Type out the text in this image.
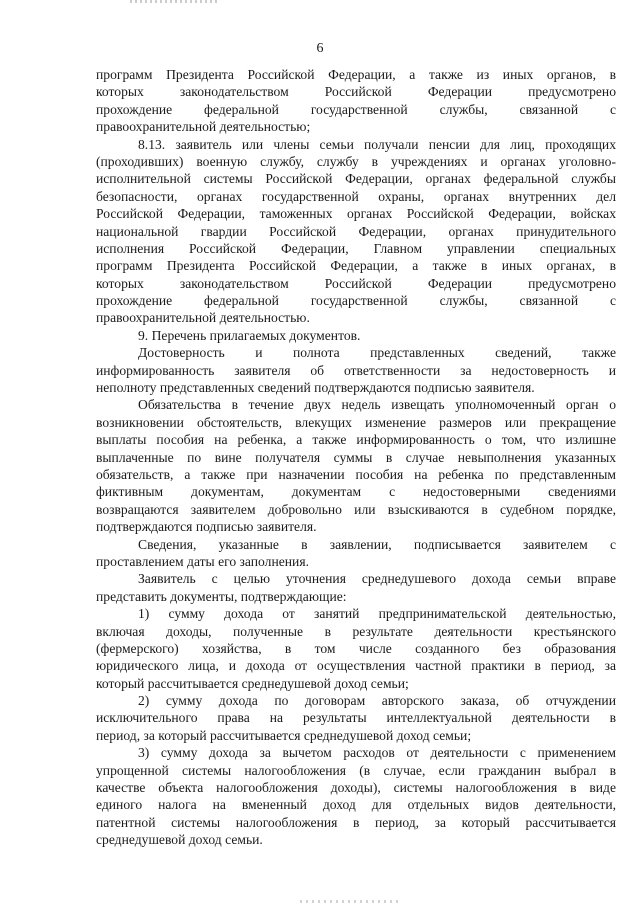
6
программ Президента Российской Федерации, а также из иных органов, в
которых законодательством Российской Федерации предусмотрено
прохождение федеральной государственной службы, связанной с
правоохранительной деятельностью;
8.13. заявитель или члены семьи получали пенсии для лиц, проходящих
(проходивших) военную службу, службу в учреждениях и органах уголовно-
исполнительной системы Российской Федерации, органах федеральной службы
безопасности, органах государственной охраны, органах внутренних дел
Российской Федерации, таможенных органах Российской Федерации, войсках
национальной гвардии Российской Федерации, органах принудительного
исполнения Российской Федерации, Главном управлении специальных
программ Президента Российской Федерации, а также в иных органах, в
которых законодательством Российской Федерации предусмотрено
прохождение федеральной государственной службы, связанной с
правоохранительной деятельностью.
9. Перечень прилагаемых документов.
Достоверность и полнота представленных сведений, также
информированность заявителя об ответственности за недостоверность и
неполноту представленных сведений подтверждаются подписью заявителя.
Обязательства в течение двух недель извещать уполномоченный орган о
возникновении обстоятельств, влекущих изменение размеров или прекращение
выплаты пособия на ребенка, а также информированность о том, что излишне
выплаченные по вине получателя суммы в случае невыполнения указанных
обязательств, а также при назначении пособия на ребенка по представленным
фиктивным документам, документам с недостоверными сведениями
возвращаются заявителем добровольно или взыскиваются в судебном порядке,
подтверждаются подписью заявителя.
Сведения, указанные в заявлении, подписывается заявителем с
проставлением даты его заполнения.
Заявитель с целью уточнения среднедушевого дохода семьи вправе
представить документы, подтверждающие:
1) сумму дохода от занятий предпринимательской деятельностью,
включая доходы, полученные в результате деятельности крестьянского
(фермерского) хозяйства, в том числе созданного без образования
юридического лица, и дохода от осуществления частной практики в период, за
который рассчитывается среднедушевой доход семьи;
2) сумму дохода по договорам авторского заказа, об отчуждении
исключительного права на результаты интеллектуальной деятельности в
период, за который рассчитывается среднедушевой доход семьи;
3) сумму дохода за вычетом расходов от деятельности с применением
упрощенной системы налогообложения (в случае, если гражданин выбрал в
качестве объекта налогообложения доходы), системы налогообложения в виде
единого налога на вмененный доход для отдельных видов деятельности,
патентной системы налогообложения в период, за который рассчитывается
среднедушевой доход семьи.
